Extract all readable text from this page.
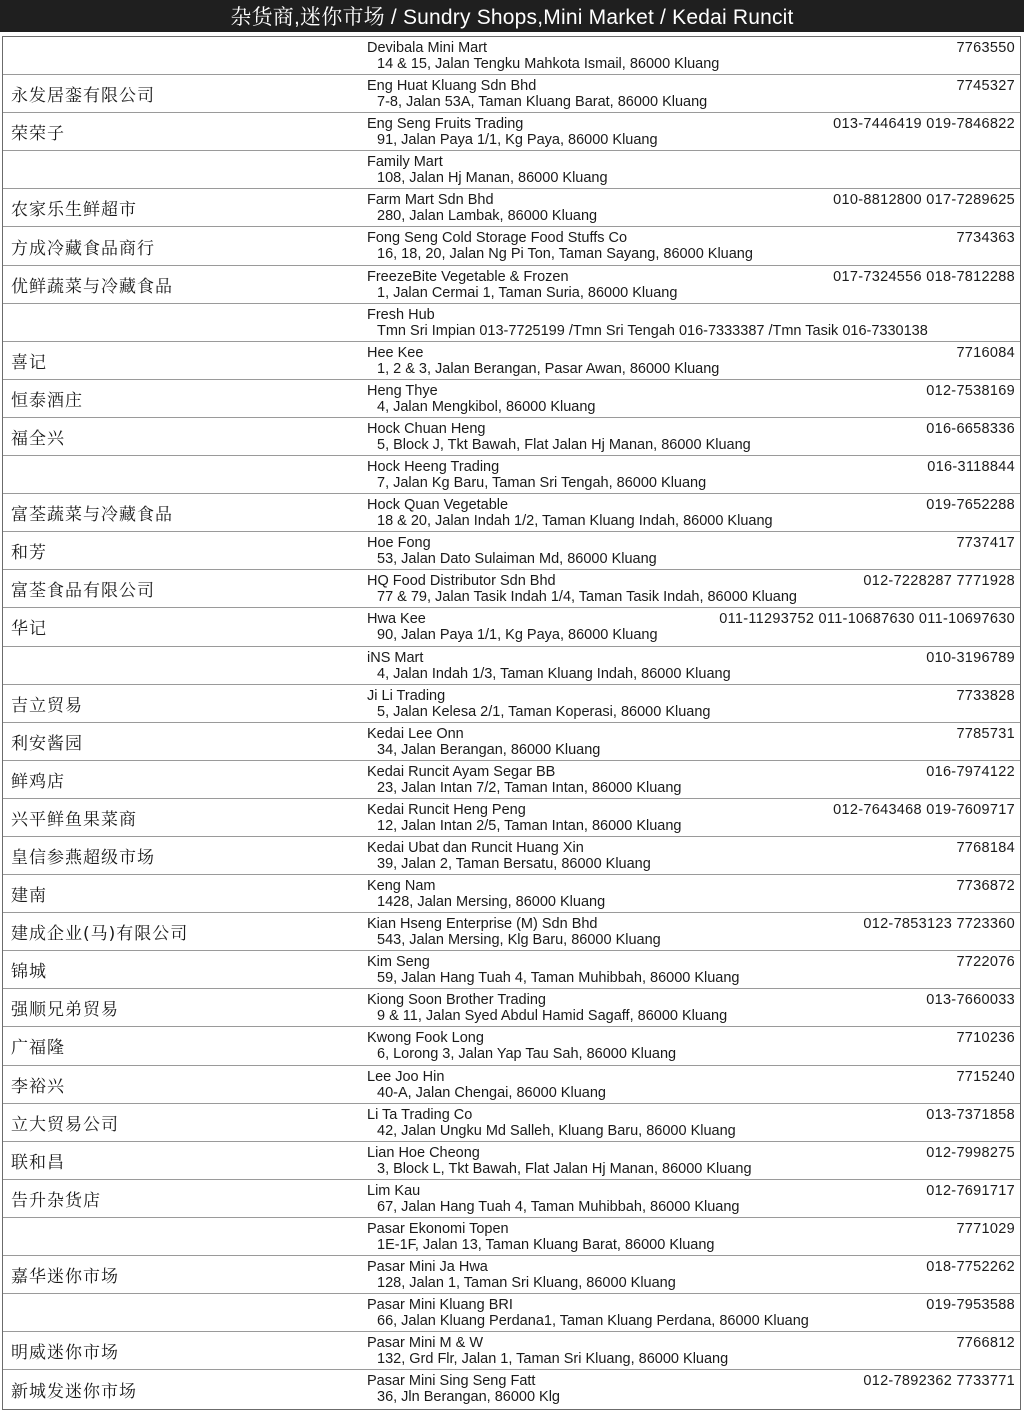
杂货商,迷你市场 / Sundry Shops,Mini Market / Kedai Runcit
Devibala Mini Mart
14 & 15, Jalan Tengku Mahkota Ismail, 86000 Kluang
7763550
永发居銮有限公司
Eng Huat Kluang Sdn Bhd
7-8, Jalan 53A, Taman Kluang Barat, 86000 Kluang
7745327
荣荣子
Eng Seng Fruits Trading
91, Jalan Paya 1/1, Kg Paya, 86000 Kluang
013-7446419 019-7846822
Family Mart
108, Jalan Hj Manan, 86000 Kluang
农家乐生鲜超市
Farm Mart Sdn Bhd
280, Jalan Lambak, 86000 Kluang
010-8812800 017-7289625
方成冷藏食品商行
Fong Seng Cold Storage Food Stuffs Co
16, 18, 20, Jalan Ng Pi Ton, Taman Sayang, 86000 Kluang
7734363
优鲜蔬菜与冷藏食品
FreezeBite Vegetable & Frozen
1, Jalan Cermai 1, Taman Suria, 86000 Kluang
017-7324556 018-7812288
Fresh Hub
Tmn Sri Impian 013-7725199 /Tmn Sri Tengah 016-7333387 /Tmn Tasik 016-7330138
喜记
Hee Kee
1, 2 & 3, Jalan Berangan, Pasar Awan, 86000 Kluang
7716084
恒泰酒庄
Heng Thye
4, Jalan Mengkibol, 86000 Kluang
012-7538169
福全兴
Hock Chuan Heng
5, Block J, Tkt Bawah, Flat Jalan Hj Manan, 86000 Kluang
016-6658336
Hock Heeng Trading
7, Jalan Kg Baru, Taman Sri Tengah, 86000 Kluang
016-3118844
富荃蔬菜与冷藏食品
Hock Quan Vegetable
18 & 20, Jalan Indah 1/2, Taman Kluang Indah, 86000 Kluang
019-7652288
和芳
Hoe Fong
53, Jalan Dato Sulaiman Md, 86000 Kluang
7737417
富荃食品有限公司
HQ Food Distributor Sdn Bhd
77 & 79, Jalan Tasik Indah 1/4, Taman Tasik Indah, 86000 Kluang
012-7228287 7771928
华记
Hwa Kee
90, Jalan Paya 1/1, Kg Paya, 86000 Kluang
011-11293752 011-10687630 011-10697630
iNS Mart
4, Jalan Indah 1/3, Taman Kluang Indah, 86000 Kluang
010-3196789
吉立贸易
Ji Li Trading
5, Jalan Kelesa 2/1, Taman Koperasi, 86000 Kluang
7733828
利安酱园
Kedai Lee Onn
34, Jalan Berangan, 86000 Kluang
7785731
鲜鸡店
Kedai Runcit Ayam Segar BB
23, Jalan Intan 7/2, Taman Intan, 86000 Kluang
016-7974122
兴平鲜鱼果菜商
Kedai Runcit Heng Peng
12, Jalan Intan 2/5, Taman Intan, 86000 Kluang
012-7643468 019-7609717
皇信参燕超级市场
Kedai Ubat dan Runcit Huang Xin
39, Jalan 2, Taman Bersatu, 86000 Kluang
7768184
建南
Keng Nam
1428, Jalan Mersing, 86000 Kluang
7736872
建成企业(马)有限公司
Kian Hseng Enterprise (M) Sdn Bhd
543, Jalan Mersing, Klg Baru, 86000 Kluang
012-7853123 7723360
锦城
Kim Seng
59, Jalan Hang Tuah 4, Taman Muhibbah, 86000 Kluang
7722076
强顺兄弟贸易
Kiong Soon Brother Trading
9 & 11, Jalan Syed Abdul Hamid Sagaff, 86000 Kluang
013-7660033
广福隆
Kwong Fook Long
6, Lorong 3, Jalan Yap Tau Sah, 86000 Kluang
7710236
李裕兴
Lee Joo Hin
40-A, Jalan Chengai, 86000 Kluang
7715240
立大贸易公司
Li Ta Trading Co
42, Jalan Ungku Md Salleh, Kluang Baru, 86000 Kluang
013-7371858
联和昌
Lian Hoe Cheong
3, Block L, Tkt Bawah, Flat Jalan Hj Manan, 86000 Kluang
012-7998275
告升杂货店
Lim Kau
67, Jalan Hang Tuah 4, Taman Muhibbah, 86000 Kluang
012-7691717
Pasar Ekonomi Topen
1E-1F, Jalan 13, Taman Kluang Barat, 86000 Kluang
7771029
嘉华迷你市场
Pasar Mini Ja Hwa
128, Jalan 1, Taman Sri Kluang, 86000 Kluang
018-7752262
Pasar Mini Kluang BRI
66, Jalan Kluang Perdana1, Taman Kluang Perdana, 86000 Kluang
019-7953588
明威迷你市场
Pasar Mini M & W
132, Grd Flr, Jalan 1, Taman Sri Kluang, 86000 Kluang
7766812
新城发迷你市场
Pasar Mini Sing Seng Fatt
36, Jln Berangan, 86000 Klg
012-7892362 7733771
